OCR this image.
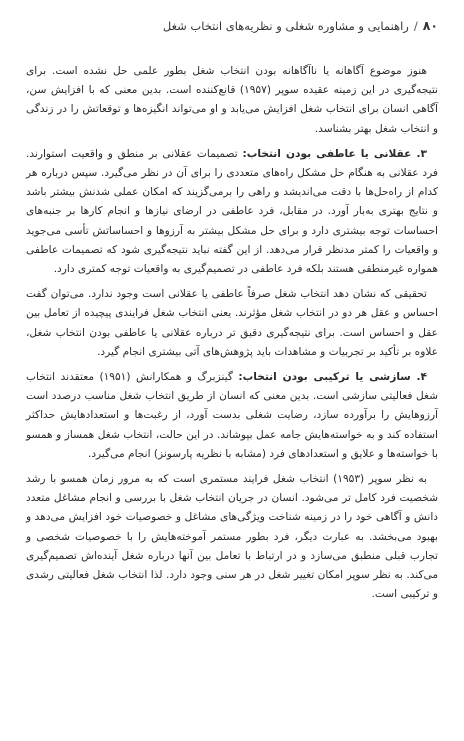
۸۰
/
راهنمایی و مشاوره شغلی و نظریه‌های انتخاب شغل

هنوز موضوع آگاهانه یا ناآگاهانه بودن انتخاب شغل بطور علمی حل نشده است. برای نتیجه‌گیری در این زمینه عقیده سوپر (۱۹۵۷) قانع‌کننده است. بدین معنی که با افزایش سن، آگاهی انسان برای انتخاب شغل افزایش می‌یابد و او می‌تواند انگیزه‌ها و توقعاتش را در زندگی و انتخاب شغل بهتر بشناسد.

۳. عقلانی یا عاطفی بودن انتخاب: تصمیمات عقلانی بر منطق و واقعیت استوارند. فرد عقلانی به هنگام حل مشکل راه‌های متعددی را برای آن در نظر می‌گیرد. سپس درباره هر کدام از راه‌حل‌ها با دقت می‌اندیشد و راهی را برمی‌گزیند که امکان عملی شدنش بیشتر باشد و نتایج بهتری به‌بار آورد. در مقابل، فرد عاطفی در ارضای نیازها و انجام کارها بر جنبه‌های احساسات توجه بیشتری دارد و برای حل مشکل بیشتر به آرزوها و احساساتش تأسی می‌جوید و واقعیات را کمتر مدنظر قرار می‌دهد. از این گفته نباید نتیجه‌گیری شود که تصمیمات عاطفی همواره غیرمنطقی هستند بلکه فرد عاطفی در تصمیم‌گیری به واقعیات توجه کمتری دارد.

تحقیقی که نشان دهد انتخاب شغل صرفاً عاطفی یا عقلانی است وجود ندارد. می‌توان گفت احساس و عقل هر دو در انتخاب شغل مؤثرند. یعنی انتخاب شغل فرایندی پیچیده از تعامل بین عقل و احساس است. برای نتیجه‌گیری دقیق تر درباره عقلانی یا عاطفی بودن انتخاب شغل، علاوه بر تأکید بر تجربیات و مشاهدات باید پژوهش‌های آتی بیشتری انجام گیرد.

۴. سازشی یا ترکیبی بودن انتخاب: گینزبرگ و همکارانش (۱۹۵۱) معتقدند انتخاب شغل فعالیتی سازشی است. بدین معنی که انسان از طریق انتخاب شغل مناسب درصدد است آرزوهایش را برآورده سازد، رضایت شغلی بدست آورد، از رغبت‌ها و استعدادهایش حداکثر استفاده کند و به خواسته‌هایش جامه عمل بپوشاند. در این حالت، انتخاب شغل همساز و همسو با خواسته‌ها و علایق و استعدادهای فرد (مشابه با نظریه پارسونز) انجام می‌گیرد.

به نظر سوپر (۱۹۵۳) انتخاب شغل فرایند مستمری است که به مرور زمان همسو با رشد شخصیت فرد کامل تر می‌شود. انسان در جریان انتخاب شغل با بررسی و انجام مشاغل متعدد دانش و آگاهی خود را در زمینه شناخت ویژگی‌های مشاغل و خصوصیات خود افزایش می‌دهد و بهبود می‌بخشد. به عبارت دیگر، فرد بطور مستمر آموخته‌هایش را با خصوصیات شخصی و تجارب قبلی منطبق می‌سازد و در ارتباط با تعامل بین آنها درباره شغل آینده‌اش تصمیم‌گیری می‌کند. به نظر سوپر امکان تغییر شغل در هر سنی وجود دارد. لذا انتخاب شغل فعالیتی رشدی و ترکیبی است.
